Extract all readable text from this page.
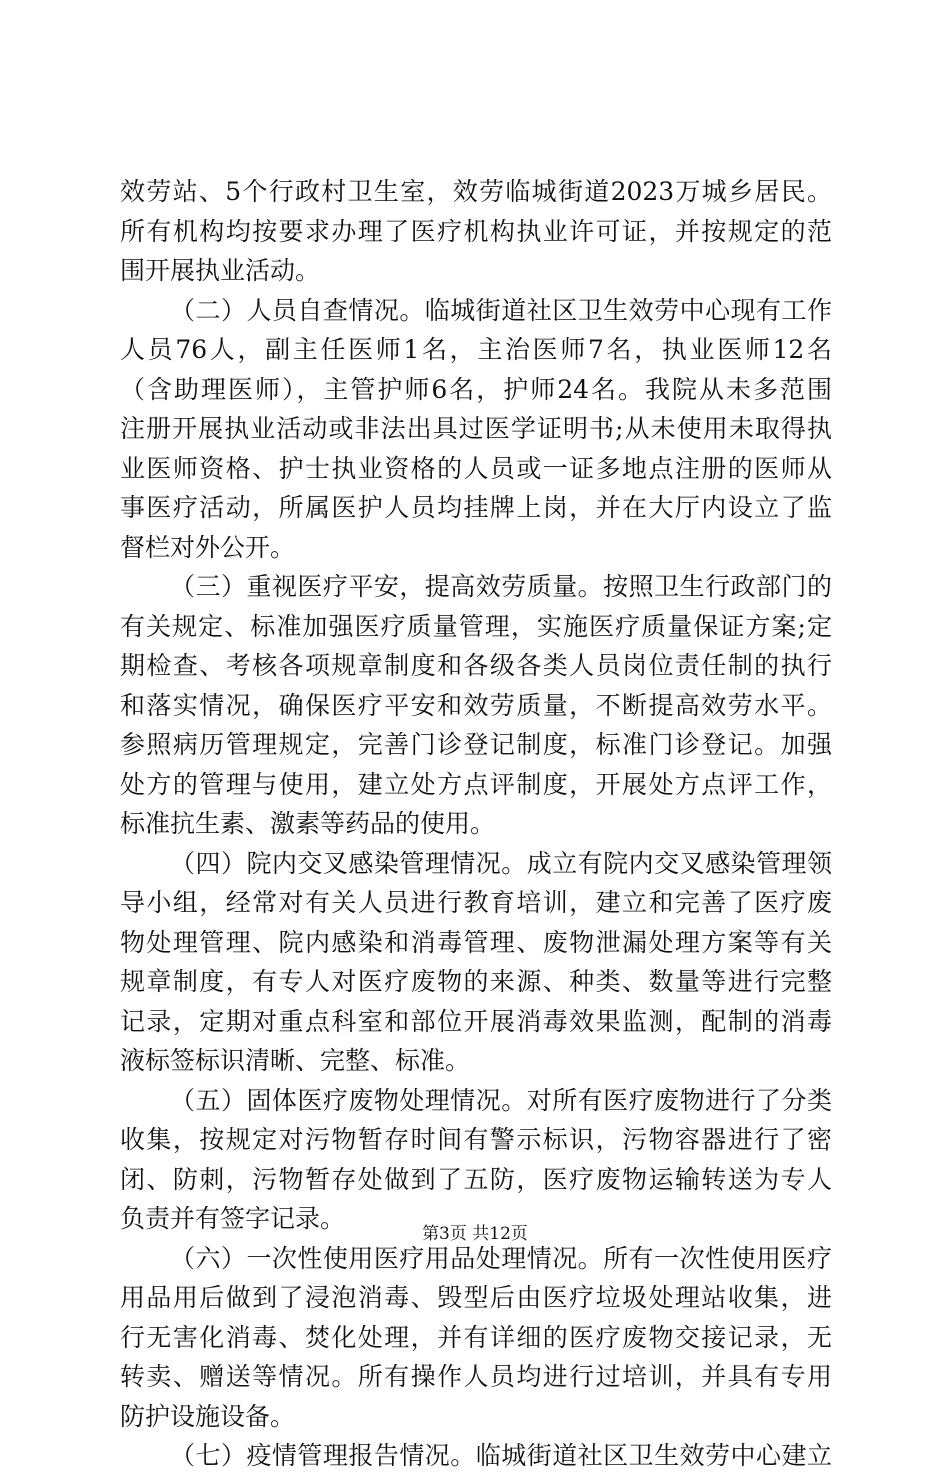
效劳站、5个行政村卫生室，效劳临城街道2023万城乡居民。
所有机构均按要求办理了医疗机构执业许可证，并按规定的范
围开展执业活动。
（二）人员自查情况。临城街道社区卫生效劳中心现有工作
人员76人，副主任医师1名，主治医师7名，执业医师12名
（含助理医师），主管护师6名，护师24名。我院从未多范围
注册开展执业活动或非法出具过医学证明书;从未使用未取得执
业医师资格、护士执业资格的人员或一证多地点注册的医师从
事医疗活动，所属医护人员均挂牌上岗，并在大厅内设立了监
督栏对外公开。
（三）重视医疗平安，提高效劳质量。按照卫生行政部门的
有关规定、标准加强医疗质量管理，实施医疗质量保证方案;定
期检查、考核各项规章制度和各级各类人员岗位责任制的执行
和落实情况，确保医疗平安和效劳质量，不断提高效劳水平。
参照病历管理规定，完善门诊登记制度，标准门诊登记。加强
处方的管理与使用，建立处方点评制度，开展处方点评工作，
标准抗生素、激素等药品的使用。
（四）院内交叉感染管理情况。成立有院内交叉感染管理领
导小组，经常对有关人员进行教育培训，建立和完善了医疗废
物处理管理、院内感染和消毒管理、废物泄漏处理方案等有关
规章制度，有专人对医疗废物的来源、种类、数量等进行完整
记录，定期对重点科室和部位开展消毒效果监测，配制的消毒
液标签标识清晰、完整、标准。
（五）固体医疗废物处理情况。对所有医疗废物进行了分类
收集，按规定对污物暂存时间有警示标识，污物容器进行了密
闭、防刺，污物暂存处做到了五防，医疗废物运输转送为专人
负责并有签字记录。
（六）一次性使用医疗用品处理情况。所有一次性使用医疗
用品用后做到了浸泡消毒、毁型后由医疗垃圾处理站收集，进
行无害化消毒、焚化处理，并有详细的医疗废物交接记录，无
转卖、赠送等情况。所有操作人员均进行过培训，并具有专用
防护设施设备。
（七）疫情管理报告情况。临城街道社区卫生效劳中心建立
第3页 共12页
